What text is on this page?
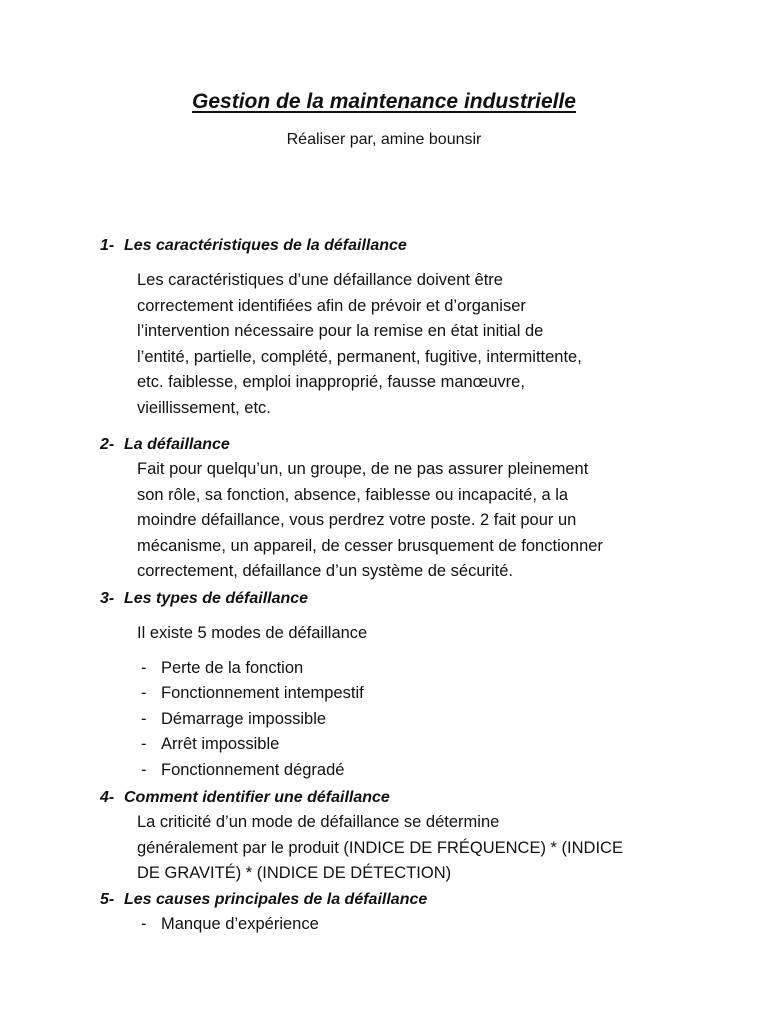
Gestion de la maintenance industrielle
Réaliser par, amine bounsir
1- Les caractéristiques de la défaillance

Les caractéristiques d’une défaillance doivent être

correctement identifiées afin de prévoir et d’organiser

l’intervention nécessaire pour la remise en état initial de

l’entité, partielle, complété, permanent, fugitive, intermittente,

etc. faiblesse, emploi inapproprié, fausse manœuvre,

vieillissement, etc.

2- La défaillance

Fait pour quelqu’un, un groupe, de ne pas assurer pleinement

son rôle, sa fonction, absence, faiblesse ou incapacité, a la

moindre défaillance, vous perdrez votre poste. 2 fait pour un

mécanisme, un appareil, de cesser brusquement de fonctionner

correctement, défaillance d’un système de sécurité.

3- Les types de défaillance
Il existe 5 modes de défaillance
- Perte de la fonction
- Fonctionnement intempestif
- Démarrage impossible
- Arrêt impossible
- Fonctionnement dégradé
4- Comment identifier une défaillance

La criticité d’un mode de défaillance se détermine

généralement par le produit (INDICE DE FRÉQUENCE) * (INDICE

DE GRAVITÉ) * (INDICE DE DÉTECTION)

5- Les causes principales de la défaillance
- Manque d’expérience
